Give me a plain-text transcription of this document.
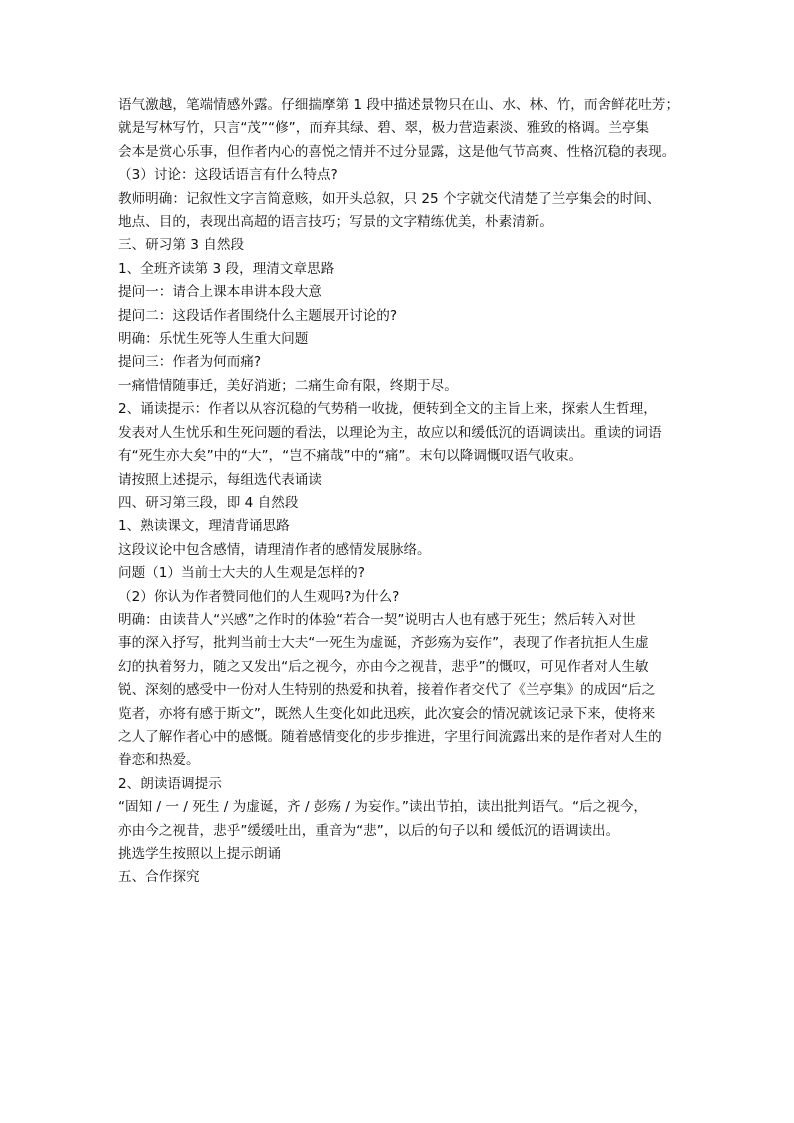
语气激越，笔端情感外露。仔细揣摩第 1 段中描述景物只在山、水、林、竹，而舍鲜花吐芳；

就是写林写竹，只言“茂”“修”，而弃其绿、碧、翠，极力营造素淡、雅致的格调。兰亭集

会本是赏心乐事，但作者内心的喜悦之情并不过分显露，这是他气节高爽、性格沉稳的表现。

（3）讨论：这段话语言有什么特点?

教师明确：记叙性文字言简意赅，如开头总叙，只 25 个字就交代清楚了兰亭集会的时间、

地点、目的，表现出高超的语言技巧；写景的文字精练优美，朴素清新。

三、研习第 3 自然段

1、全班齐读第 3 段，理清文章思路

提问一：请合上课本串讲本段大意

提问二：这段话作者围绕什么主题展开讨论的?

明确：乐忧生死等人生重大问题

提问三：作者为何而痛?

一痛惜情随事迁，美好消逝；二痛生命有限，终期于尽。

2、诵读提示：作者以从容沉稳的气势稍一收拢，便转到全文的主旨上来，探索人生哲理，

发表对人生忧乐和生死问题的看法，以理论为主，故应以和缓低沉的语调读出。重读的词语

有“死生亦大矣”中的“大”，“岂不痛哉”中的“痛”。末句以降调慨叹语气收束。

请按照上述提示，每组选代表诵读

四、研习第三段，即 4 自然段

1、熟读课文，理清背诵思路

这段议论中包含感情，请理清作者的感情发展脉络。

问题（1）当前士大夫的人生观是怎样的?

（2）你认为作者赞同他们的人生观吗?为什么?

明确：由读昔人“兴感”之作时的体验“若合一契”说明古人也有感于死生；然后转入对世

事的深入抒写，批判当前士大夫“一死生为虚诞，齐彭殇为妄作”，表现了作者抗拒人生虚

幻的执着努力，随之又发出“后之视今，亦由今之视昔，悲乎”的慨叹，可见作者对人生敏

锐、深刻的感受中一份对人生特别的热爱和执着，接着作者交代了《兰亭集》的成因“后之

览者，亦将有感于斯文”，既然人生变化如此迅疾，此次宴会的情况就该记录下来，使将来

之人了解作者心中的感慨。随着感情变化的步步推进，字里行间流露出来的是作者对人生的

眷恋和热爱。

2、朗读语调提示

“固知 / 一 / 死生 / 为虚诞，齐 / 彭殇 / 为妄作。”读出节拍，读出批判语气。“后之视今，

亦由今之视昔，悲乎”缓缓吐出，重音为“悲”，以后的句子以和 缓低沉的语调读出。

挑选学生按照以上提示朗诵

五、合作探究
